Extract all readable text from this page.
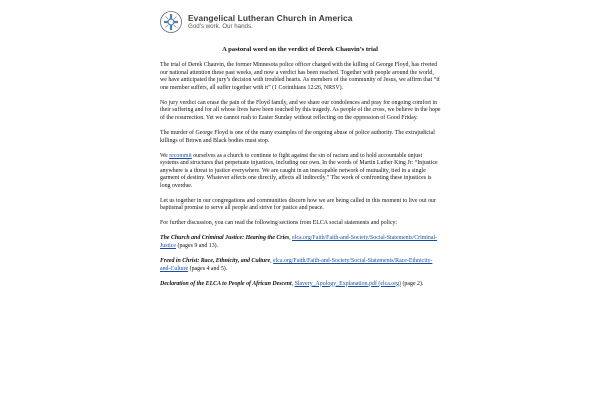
Evangelical Lutheran Church in America
God's work. Our hands.
A pastoral word on the verdict of Derek Chauvin’s trial

The trial of Derek Chauvin, the former Minnesota police officer charged with the killing of George Floyd, has riveted our national attention these past weeks, and now a verdict has been reached. Together with people around the world, we have anticipated the jury’s decision with troubled hearts. As members of the community of Jesus, we affirm that “if one member suffers, all suffer together with it” (1 Corinthians 12:26, NRSV).

No jury verdict can erase the pain of the Floyd family, and we share our condolences and pray for ongoing comfort in their suffering and for all whose lives have been touched by this tragedy. As people of the cross, we believe in the hope of the resurrection. Yet we cannot rush to Easter Sunday without reflecting on the oppression of Good Friday.

The murder of George Floyd is one of the many examples of the ongoing abuse of police authority. The extrajudicial killings of Brown and Black bodies must stop.

We recommit ourselves as a church to continue to fight against the sin of racism and to hold accountable unjust systems and structures that perpetuate injustices, including our own. In the words of Martin Luther King Jr: “Injustice anywhere is a threat to justice everywhere. We are caught in an inescapable network of mutuality, tied in a single garment of destiny. Whatever affects one directly, affects all indirectly.” The work of confronting these injustices is long overdue.

Let us together in our congregations and communities discern how we are being called in this moment to live out our baptismal promise to serve all people and strive for justice and peace.

For further discussion, you can read the following sections from ELCA social statements and policy:

The Church and Criminal Justice: Hearing the Cries, elca.org/Faith/Faith-and-Society/Social-Statements/Criminal-Justice (pages 9 and 13).

Freed in Christ: Race, Ethnicity, and Culture, elca.org/Faith/Faith-and-Society/Social-Statements/Race-Ethnicity-and-Culture (pages 4 and 5).

Declaration of the ELCA to People of African Descent, Slavery_Apology_Explanation.pdf (elca.org) (page 2).
